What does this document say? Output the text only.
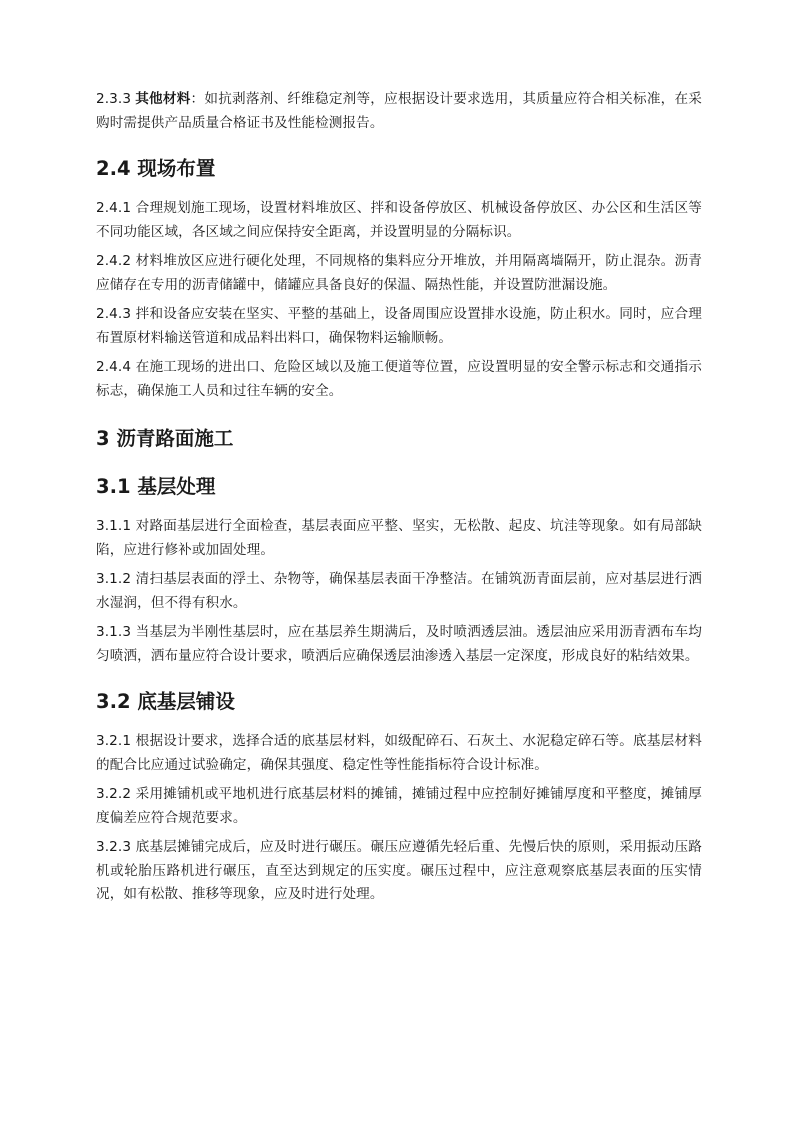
2.3.3 其他材料：如抗剥落剂、纤维稳定剂等，应根据设计要求选用，其质量应符合相关标准，在采购时需提供产品质量合格证书及性能检测报告。

2.4 现场布置

2.4.1 合理规划施工现场，设置材料堆放区、拌和设备停放区、机械设备停放区、办公区和生活区等不同功能区域，各区域之间应保持安全距离，并设置明显的分隔标识。

2.4.2 材料堆放区应进行硬化处理，不同规格的集料应分开堆放，并用隔离墙隔开，防止混杂。沥青应储存在专用的沥青储罐中，储罐应具备良好的保温、隔热性能，并设置防泄漏设施。

2.4.3 拌和设备应安装在坚实、平整的基础上，设备周围应设置排水设施，防止积水。同时，应合理布置原材料输送管道和成品料出料口，确保物料运输顺畅。

2.4.4 在施工现场的进出口、危险区域以及施工便道等位置，应设置明显的安全警示标志和交通指示标志，确保施工人员和过往车辆的安全。

3 沥青路面施工
3.1 基层处理

3.1.1 对路面基层进行全面检查，基层表面应平整、坚实，无松散、起皮、坑洼等现象。如有局部缺陷，应进行修补或加固处理。

3.1.2 清扫基层表面的浮土、杂物等，确保基层表面干净整洁。在铺筑沥青面层前，应对基层进行洒水湿润，但不得有积水。

3.1.3 当基层为半刚性基层时，应在基层养生期满后，及时喷洒透层油。透层油应采用沥青洒布车均匀喷洒，洒布量应符合设计要求，喷洒后应确保透层油渗透入基层一定深度，形成良好的粘结效果。

3.2 底基层铺设

3.2.1 根据设计要求，选择合适的底基层材料，如级配碎石、石灰土、水泥稳定碎石等。底基层材料的配合比应通过试验确定，确保其强度、稳定性等性能指标符合设计标准。

3.2.2 采用摊铺机或平地机进行底基层材料的摊铺，摊铺过程中应控制好摊铺厚度和平整度，摊铺厚度偏差应符合规范要求。

3.2.3 底基层摊铺完成后，应及时进行碾压。碾压应遵循先轻后重、先慢后快的原则，采用振动压路机或轮胎压路机进行碾压，直至达到规定的压实度。碾压过程中，应注意观察底基层表面的压实情况，如有松散、推移等现象，应及时进行处理。
